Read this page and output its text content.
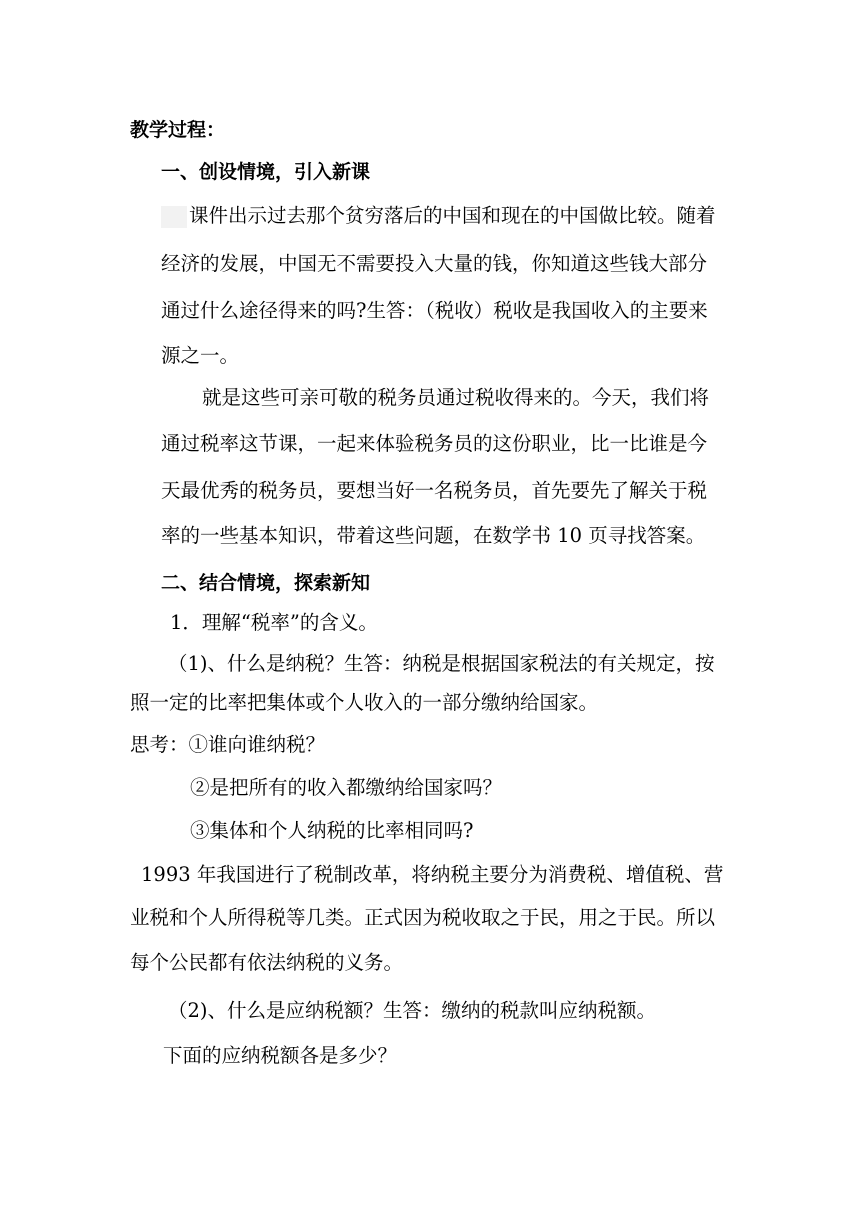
教学过程：
一、创设情境，引入新课
课件出示过去那个贫穷落后的中国和现在的中国做比较。随着
经济的发展，中国无不需要投入大量的钱，你知道这些钱大部分
通过什么途径得来的吗?生答：（税收）税收是我国收入的主要来
源之一。
就是这些可亲可敬的税务员通过税收得来的。今天，我们将
通过税率这节课，一起来体验税务员的这份职业，比一比谁是今
天最优秀的税务员，要想当好一名税务员，首先要先了解关于税
率的一些基本知识，带着这些问题，在数学书 10 页寻找答案。
二、结合情境，探索新知
1．理解“税率”的含义。
（1)、什么是纳税？生答：纳税是根据国家税法的有关规定，按
照一定的比率把集体或个人收入的一部分缴纳给国家。
思考：①谁向谁纳税？
②是把所有的收入都缴纳给国家吗？
③集体和个人纳税的比率相同吗?
1993 年我国进行了税制改革，将纳税主要分为消费税、增值税、营
业税和个人所得税等几类。正式因为税收取之于民，用之于民。所以
每个公民都有依法纳税的义务。
（2)、什么是应纳税额？生答：缴纳的税款叫应纳税额。
下面的应纳税额各是多少？
